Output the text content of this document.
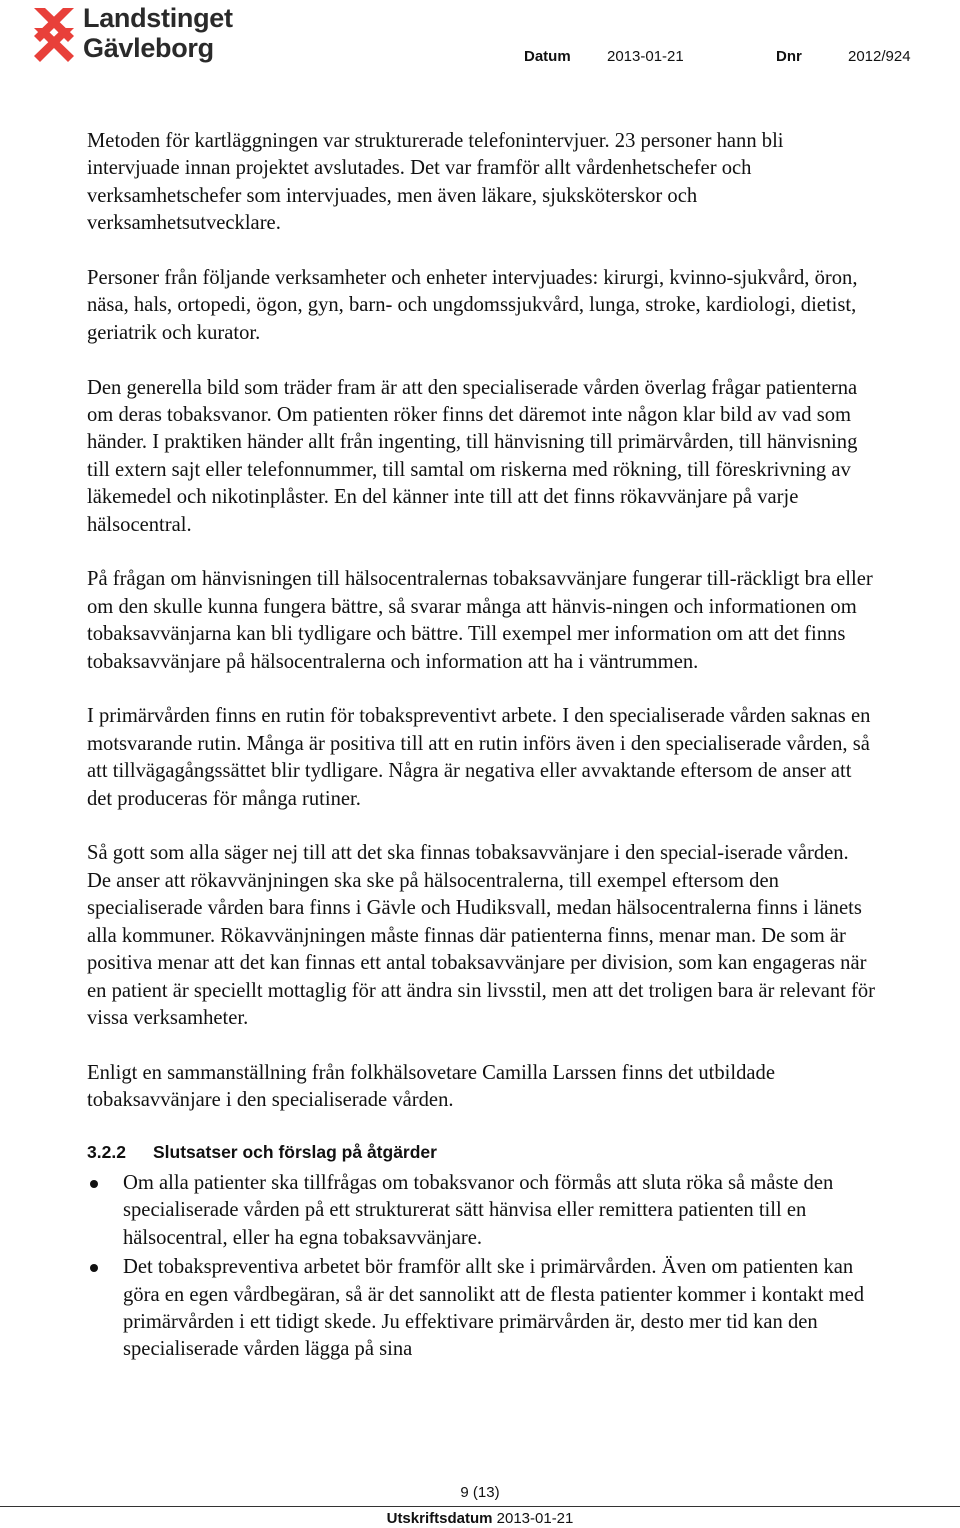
Landstinget
Gävleborg	Datum 2013-01-21	Dnr	2012/924

Metoden för kartläggningen var strukturerade telefonintervjuer. 23 personer hann bli intervjuade innan projektet avslutades. Det var framför allt vårdenhetschefer och verksamhetschefer som intervjuades, men även läkare, sjuksköterskor och verksamhetsutvecklare.

Personer från följande verksamheter och enheter intervjuades: kirurgi, kvinno-sjukvård, öron, näsa, hals, ortopedi, ögon, gyn, barn- och ungdomssjukvård, lunga, stroke, kardiologi, dietist, geriatrik och kurator.

Den generella bild som träder fram är att den specialiserade vården överlag frågar patienterna om deras tobaksvanor. Om patienten röker finns det däremot inte någon klar bild av vad som händer. I praktiken händer allt från ingenting, till hänvisning till primärvården, till hänvisning till extern sajt eller telefonnummer, till samtal om riskerna med rökning, till föreskrivning av läkemedel och nikotinplåster. En del känner inte till att det finns rökavvänjare på varje hälsocentral.

På frågan om hänvisningen till hälsocentralernas tobaksavvänjare fungerar till-räckligt bra eller om den skulle kunna fungera bättre, så svarar många att hänvis-ningen och informationen om tobaksavvänjarna kan bli tydligare och bättre. Till exempel mer information om att det finns tobaksavvänjare på hälsocentralerna och information att ha i väntrummen.

I primärvården finns en rutin för tobakspreventivt arbete. I den specialiserade vården saknas en motsvarande rutin. Många är positiva till att en rutin införs även i den specialiserade vården, så att tillvägagångssättet blir tydligare. Några är negativa eller avvaktande eftersom de anser att det produceras för många rutiner.

Så gott som alla säger nej till att det ska finnas tobaksavvänjare i den special-iserade vården. De anser att rökavvänjningen ska ske på hälsocentralerna, till exempel eftersom den specialiserade vården bara finns i Gävle och Hudiksvall, medan hälsocentralerna finns i länets alla kommuner. Rökavvänjningen måste finnas där patienterna finns, menar man. De som är positiva menar att det kan finnas ett antal tobaksavvänjare per division, som kan engageras när en patient är speciellt mottaglig för att ändra sin livsstil, men att det troligen bara är relevant för vissa verksamheter.

Enligt en sammanställning från folkhälsovetare Camilla Larssen finns det utbildade tobaksavvänjare i den specialiserade vården.

3.2.2 Slutsatser och förslag på åtgärder
Om alla patienter ska tillfrågas om tobaksvanor och förmås att sluta röka så måste den specialiserade vården på ett strukturerat sätt hänvisa eller remittera patienten till en hälsocentral, eller ha egna tobaksavvänjare.
Det tobakspreventiva arbetet bör framför allt ske i primärvården. Även om patienten kan göra en egen vårdbegäran, så är det sannolikt att de flesta patienter kommer i kontakt med primärvården i ett tidigt skede. Ju effektivare primärvården är, desto mer tid kan den specialiserade vården lägga på sina
9 (13)
Utskriftsdatum 2013-01-21
